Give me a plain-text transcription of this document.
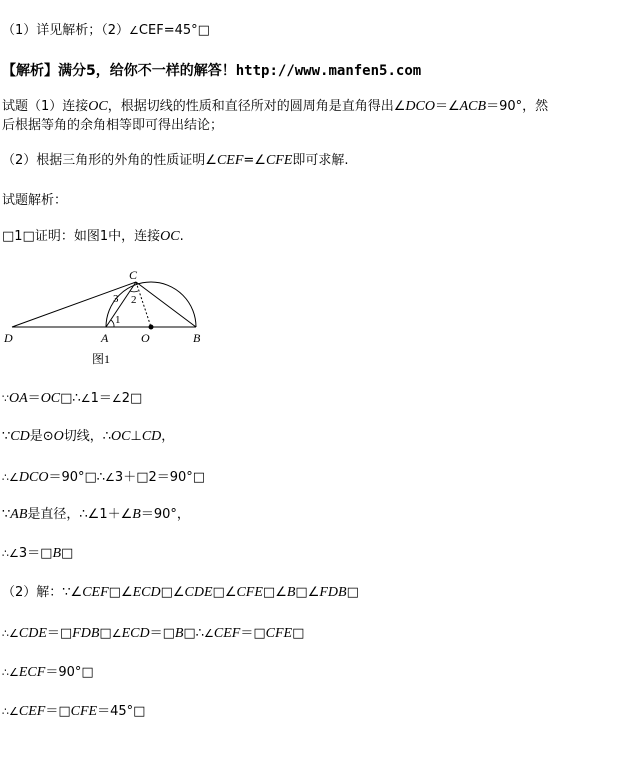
（1）详见解析；（2）∠CEF=45°□
【解析】满分5，给你不一样的解答！http://www.manfen5.com
试题（1）连接OC，根据切线的性质和直径所对的圆周角是直角得出∠DCO＝∠ACB＝90°，然
后根据等角的余角相等即可得出结论；
（2）根据三角形的外角的性质证明∠CEF=∠CFE即可求解.
试题解析：
□1□证明：如图1中，连接OC.
C
D	A	O	B
1
2
3
图1
∵OA＝OC□∴∠1＝∠2□
∵CD是⊙O切线，∴OC⊥CD，
∴∠DCO＝90°□∴∠3＋□2＝90°□
∵AB是直径，∴∠1＋∠B＝90°，
∴∠3＝□B□
（2）解：∵∠CEF□∠ECD□∠CDE□∠CFE□∠B□∠FDB□
∴∠CDE＝□FDB□∠ECD＝□B□∴∠CEF＝□CFE□
∴∠ECF＝90°□
∴∠CEF＝□CFE＝45°□
